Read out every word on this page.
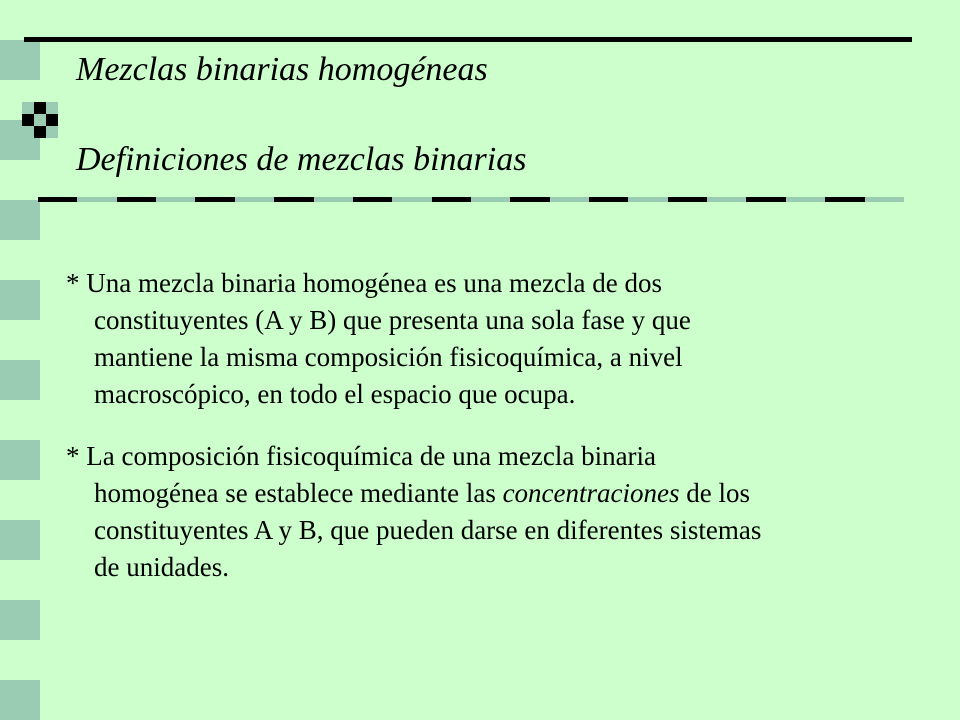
Mezclas binarias homogéneas
Definiciones de mezclas binarias

* Una mezcla binaria homogénea es una mezcla de dos

constituyentes (A y B) que presenta una sola fase y que

mantiene la misma composición fisicoquímica, a nivel

macroscópico, en todo el espacio que ocupa.

* La composición fisicoquímica de una mezcla binaria

homogénea se establece mediante las concentraciones de los

constituyentes A y B, que pueden darse en diferentes sistemas

de unidades.
